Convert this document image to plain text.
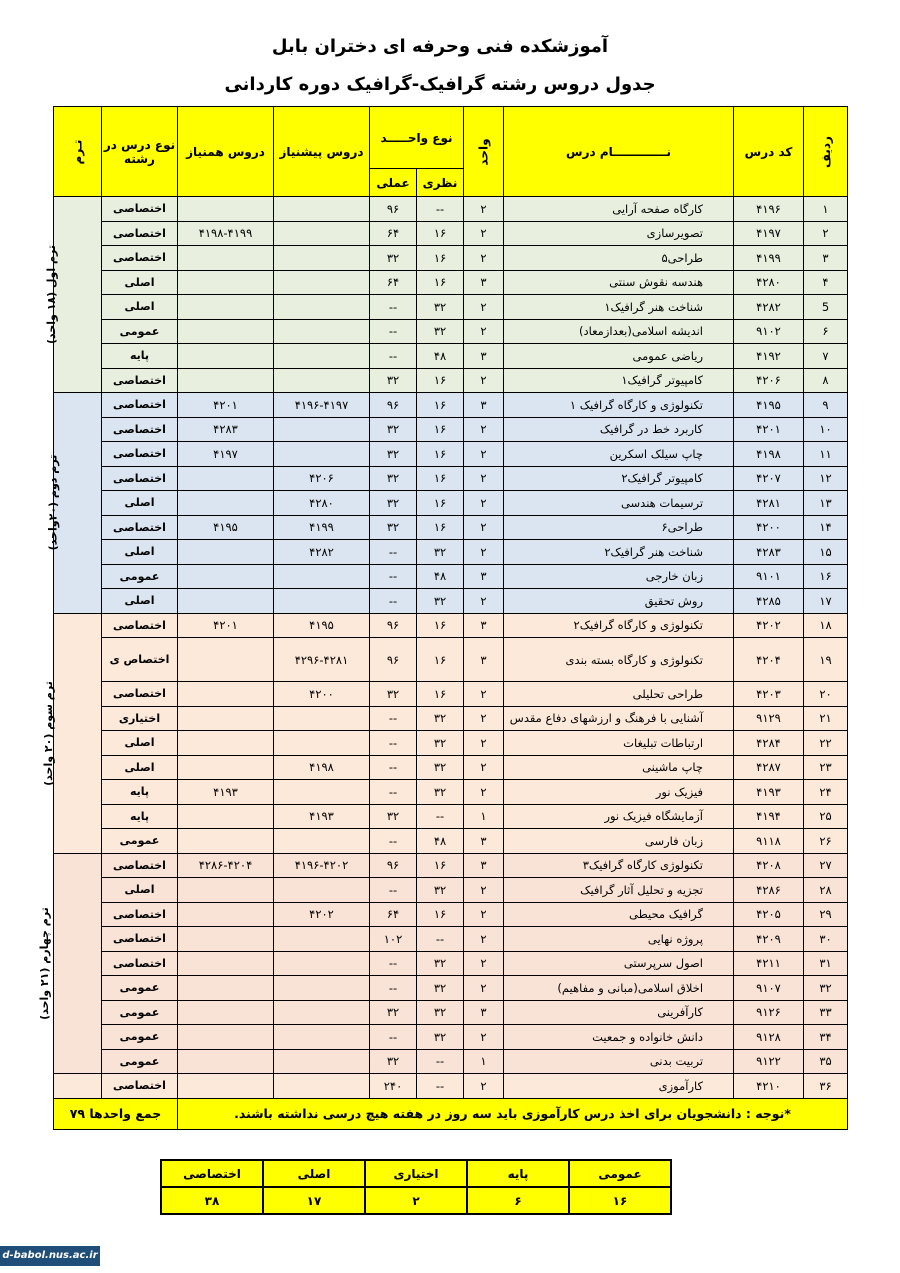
آموزشکده فنی وحرفه ای دختران بابل
جدول دروس رشته گرافیک-گرافیک دوره کاردانی
ردیف	کد درس	نـــــــــــــام درس	واحد	نوع واحـــــد		دروس پیشنیاز	دروس همنیاز	نوع درس در رشته	تـرم
				نظری	عملی				
۱	۴۱۹۶	کارگاه صفحه آرایی	۲	--	۹۶			اختصاصی	ترم اول (۱۸ واحد)
۲	۴۱۹۷	تصویرسازی	۲	۱۶	۶۴		۴۱۹۸-۴۱۹۹	اختصاصی	
۳	۴۱۹۹	طراحی۵	۲	۱۶	۳۲			اختصاصی	
۴	۴۲۸۰	هندسه نقوش سنتی	۳	۱۶	۶۴			اصلی	
5	۴۲۸۲	شناخت هنر گرافیک۱	۲	۳۲	--			اصلی	
۶	۹۱۰۲	اندیشه اسلامی(بعدازمعاد)	۲	۳۲	--			عمومی	
۷	۴۱۹۲	ریاضی عمومی	۳	۴۸	--			پایه	
۸	۴۲۰۶	کامپیوتر گرافیک۱	۲	۱۶	۳۲			اختصاصی	
۹	۴۱۹۵	تکنولوژی و کارگاه گرافیک ۱	۳	۱۶	۹۶	۴۱۹۶-۴۱۹۷	۴۲۰۱	اختصاصی	ترم دوم (۲۰واحد)
۱۰	۴۲۰۱	کاربرد خط در گرافیک	۲	۱۶	۳۲		۴۲۸۳	اختصاصی	
۱۱	۴۱۹۸	چاپ سیلک اسکرین	۲	۱۶	۳۲		۴۱۹۷	اختصاصی	
۱۲	۴۲۰۷	کامپیوتر گرافیک۲	۲	۱۶	۳۲	۴۲۰۶		اختصاصی	
۱۳	۴۲۸۱	ترسیمات هندسی	۲	۱۶	۳۲	۴۲۸۰		اصلی	
۱۴	۴۲۰۰	طراحی۶	۲	۱۶	۳۲	۴۱۹۹	۴۱۹۵	اختصاصی	
۱۵	۴۲۸۳	شناخت هنر گرافیک۲	۲	۳۲	--	۴۲۸۲		اصلی	
۱۶	۹۱۰۱	زبان خارجی	۳	۴۸	--			عمومی	
۱۷	۴۲۸۵	روش تحقیق	۲	۳۲	--			اصلی	
۱۸	۴۲۰۲	تکنولوژی و کارگاه گرافیک۲	۳	۱۶	۹۶	۴۱۹۵	۴۲۰۱	اختصاصی	ترم سوم (۲۰ واحد)
۱۹	۴۲۰۴	تکنولوژی و کارگاه بسته بندی	۳	۱۶	۹۶	۴۲۹۶-۴۲۸۱		اختصاص ی	
۲۰	۴۲۰۳	طراحی تحلیلی	۲	۱۶	۳۲	۴۲۰۰		اختصاصی	
۲۱	۹۱۲۹	آشنایی با فرهنگ و ارزشهای دفاع مقدس	۲	۳۲	--			اختیاری	
۲۲	۴۲۸۴	ارتباطات تبلیغات	۲	۳۲	--			اصلی	
۲۳	۴۲۸۷	چاپ ماشینی	۲	۳۲	--	۴۱۹۸		اصلی	
۲۴	۴۱۹۳	فیزیک نور	۲	۳۲	--		۴۱۹۳	پایه	
۲۵	۴۱۹۴	آزمایشگاه فیزیک نور	۱	--	۳۲	۴۱۹۳		پایه	
۲۶	۹۱۱۸	زبان فارسی	۳	۴۸	--			عمومی	
۲۷	۴۲۰۸	تکنولوژی کارگاه گرافیک۳	۳	۱۶	۹۶	۴۱۹۶-۴۲۰۲	۴۲۸۶-۴۲۰۴	اختصاصی	ترم چهارم (۲۱ واحد)
۲۸	۴۲۸۶	تجزیه و تحلیل آثار گرافیک	۲	۳۲	--			اصلی	
۲۹	۴۲۰۵	گرافیک محیطی	۲	۱۶	۶۴	۴۲۰۲		اختصاصی	
۳۰	۴۲۰۹	پروژه نهایی	۲	--	۱۰۲			اختصاصی	
۳۱	۴۲۱۱	اصول سرپرستی	۲	۳۲	--			اختصاصی	
۳۲	۹۱۰۷	اخلاق اسلامی(مبانی و مفاهیم)	۲	۳۲	--			عمومی	
۳۳	۹۱۲۶	کارآفرینی	۳	۳۲	۳۲			عمومی	
۳۴	۹۱۲۸	دانش خانواده و جمعیت	۲	۳۲	--			عمومی	
۳۵	۹۱۲۲	تربیت بدنی	۱	--	۳۲			عمومی	
۳۶	۴۲۱۰	کارآموزی	۲	--	۲۴۰			اختصاصی	
*نوجه : دانشجویان برای اخذ درس کارآموزی باید سه روز در هفته هیچ درسی نداشته باشند.								جمع واحدها ۷۹	
عمومی	پایه	اختیاری	اصلی	اختصاصی
۱۶	۶	۲	۱۷	۳۸
d-babol.nus.ac.ir
